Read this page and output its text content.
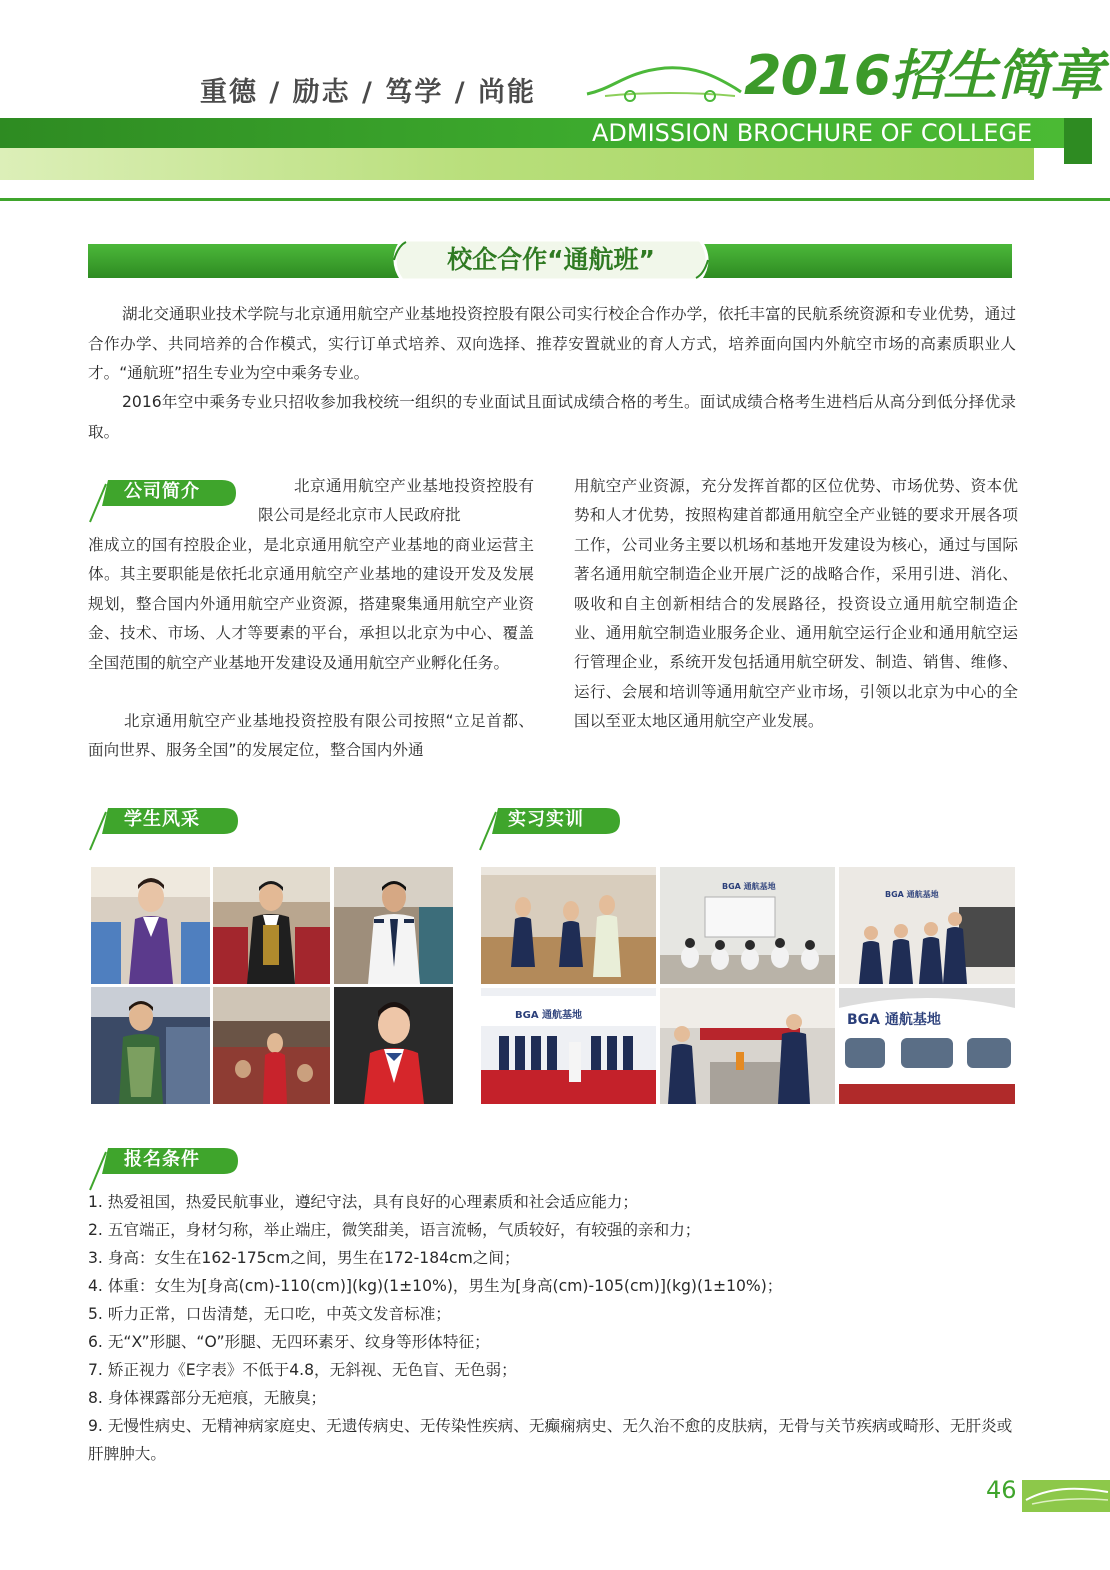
重德 / 励志 / 笃学 / 尚能	2016招生简章
ADMISSION BROCHURE OF COLLEGE
校企合作“通航班”
湖北交通职业技术学院与北京通用航空产业基地投资控股有限公司实行校企合作办学，依托丰富的民航系统资源和专业优势，通过合作办学、共同培养的合作模式，实行订单式培养、双向选择、推荐安置就业的育人方式，培养面向国内外航空市场的高素质职业人才。“通航班”招生专业为空中乘务专业。
2016年空中乘务专业只招收参加我校统一组织的专业面试且面试成绩合格的考生。面试成绩合格考生进档后从高分到低分择优录取。
公司简介	北京通用航空产业基地投资控股有限公司是经北京市人民政府批
准成立的国有控股企业，是北京通用航空产业基地的商业运营主体。其主要职能是依托北京通用航空产业基地的建设开发及发展规划，整合国内外通用航空产业资源，搭建聚集通用航空产业资金、技术、市场、人才等要素的平台，承担以北京为中心、覆盖全国范围的航空产业基地开发建设及通用航空产业孵化任务。
北京通用航空产业基地投资控股有限公司按照“立足首都、面向世界、服务全国”的发展定位，整合国内外通
用航空产业资源，充分发挥首都的区位优势、市场优势、资本优势和人才优势，按照构建首都通用航空全产业链的要求开展各项工作，公司业务主要以机场和基地开发建设为核心，通过与国际著名通用航空制造企业开展广泛的战略合作，采用引进、消化、吸收和自主创新相结合的发展路径，投资设立通用航空制造企业、通用航空制造业服务企业、通用航空运行企业和通用航空运行管理企业，系统开发包括通用航空研发、制造、销售、维修、运行、会展和培训等通用航空产业市场，引领以北京为中心的全国以至亚太地区通用航空产业发展。
学生风采	实习实训
BGA 通航基地
BGA 通航基地
BGA 通航基地	BGA 通航基地
报名条件
1. 热爱祖国，热爱民航事业，遵纪守法，具有良好的心理素质和社会适应能力；
2. 五官端正，身材匀称，举止端庄，微笑甜美，语言流畅，气质较好，有较强的亲和力；
3. 身高：女生在162-175cm之间，男生在172-184cm之间；
4. 体重：女生为[身高(cm)-110(cm)](kg)(1±10%)，男生为[身高(cm)-105(cm)](kg)(1±10%)；
5. 听力正常，口齿清楚，无口吃，中英文发音标准；
6. 无“X”形腿、“O”形腿、无四环素牙、纹身等形体特征；
7. 矫正视力《E字表》不低于4.8，无斜视、无色盲、无色弱；
8. 身体裸露部分无疤痕，无腋臭；
9. 无慢性病史、无精神病家庭史、无遗传病史、无传染性疾病、无癫痫病史、无久治不愈的皮肤病，无骨与关节疾病或畸形、无肝炎或肝脾肿大。
46
